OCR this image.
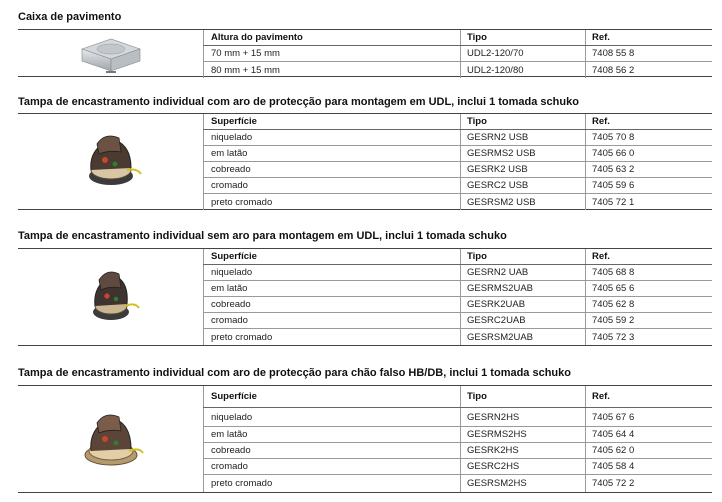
Caixa de pavimento
Altura do pavimento	Tipo	Ref.
70 mm + 15 mm	UDL2-120/70	7408 55 8
80 mm + 15 mm	UDL2-120/80	7408 56 2
Tampa de encastramento individual com aro de protecção para montagem em UDL, inclui 1 tomada schuko
Superfície	Tipo	Ref.
niquelado	GESRN2 USB	7405 70 8
em latão	GESRMS2 USB	7405 66 0
cobreado	GESRK2 USB	7405 63 2
cromado	GESRC2 USB	7405 59 6
preto cromado	GESRSM2 USB	7405 72 1
Tampa de encastramento individual sem aro para montagem em UDL, inclui 1 tomada schuko
Superfície	Tipo	Ref.
niquelado	GESRN2 UAB	7405 68 8
em latão	GESRMS2UAB	7405 65 6
cobreado	GESRK2UAB	7405 62 8
cromado	GESRC2UAB	7405 59 2
preto cromado	GESRSM2UAB	7405 72 3
Tampa de encastramento individual com aro de protecção para chão falso HB/DB, inclui 1 tomada schuko
Superfície	Tipo	Ref.
niquelado	GESRN2HS	7405 67 6
em latão	GESRMS2HS	7405 64 4
cobreado	GESRK2HS	7405 62 0
cromado	GESRC2HS	7405 58 4
preto cromado	GESRSM2HS	7405 72 2
